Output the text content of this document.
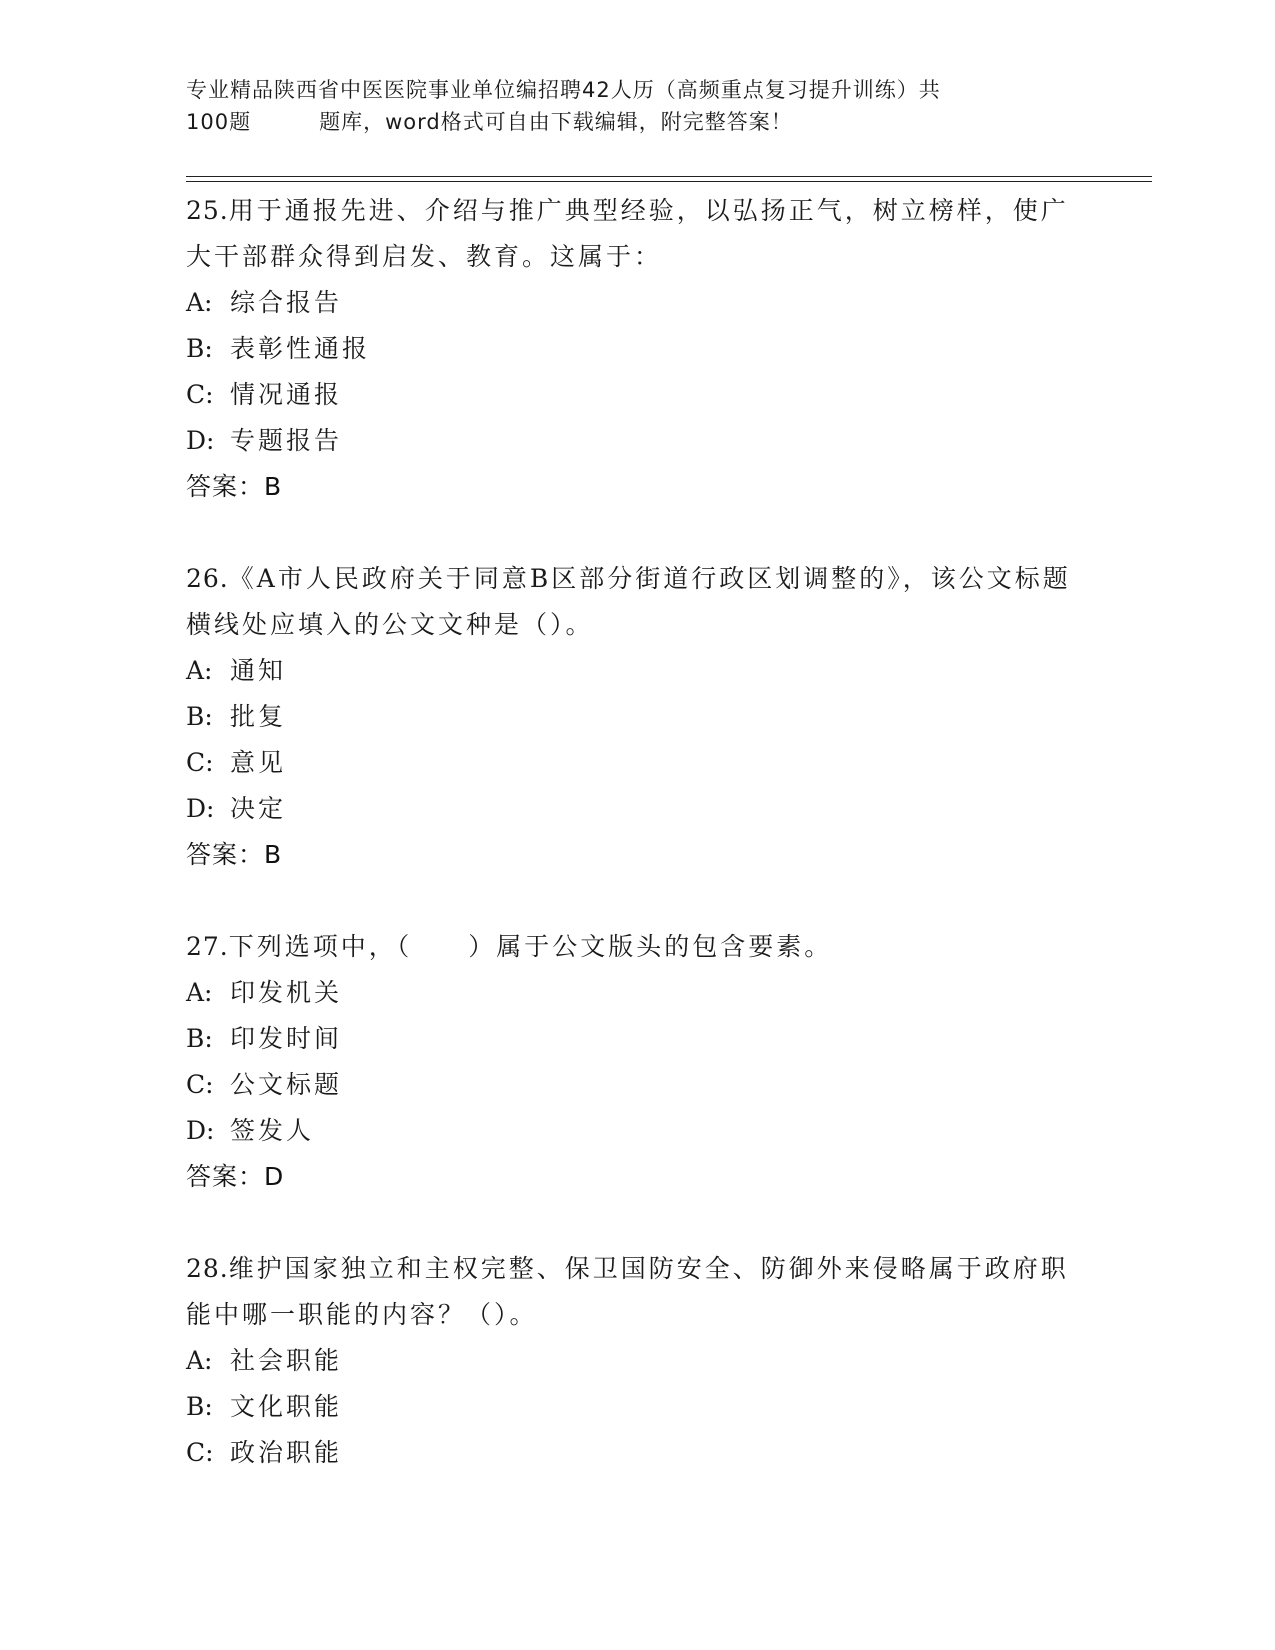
专业精品陕西省中医医院事业单位编招聘42人历（高频重点复习提升训练）共
100题	题库，word格式可自由下载编辑，附完整答案！
25.用于通报先进、介绍与推广典型经验，以弘扬正气，树立榜样，使广大干部群众得到启发、教育。这属于：
A: 综合报告
B: 表彰性通报
C: 情况通报
D: 专题报告
答案：B
26.《A市人民政府关于同意B区部分街道行政区划调整的》，该公文标题横线处应填入的公文文种是（）。
A: 通知
B: 批复
C: 意见
D: 决定
答案：B
27.下列选项中，（　　）属于公文版头的包含要素。
A: 印发机关
B: 印发时间
C: 公文标题
D: 签发人
答案：D
28.维护国家独立和主权完整、保卫国防安全、防御外来侵略属于政府职能中哪一职能的内容？（）。
A: 社会职能
B: 文化职能
C: 政治职能
